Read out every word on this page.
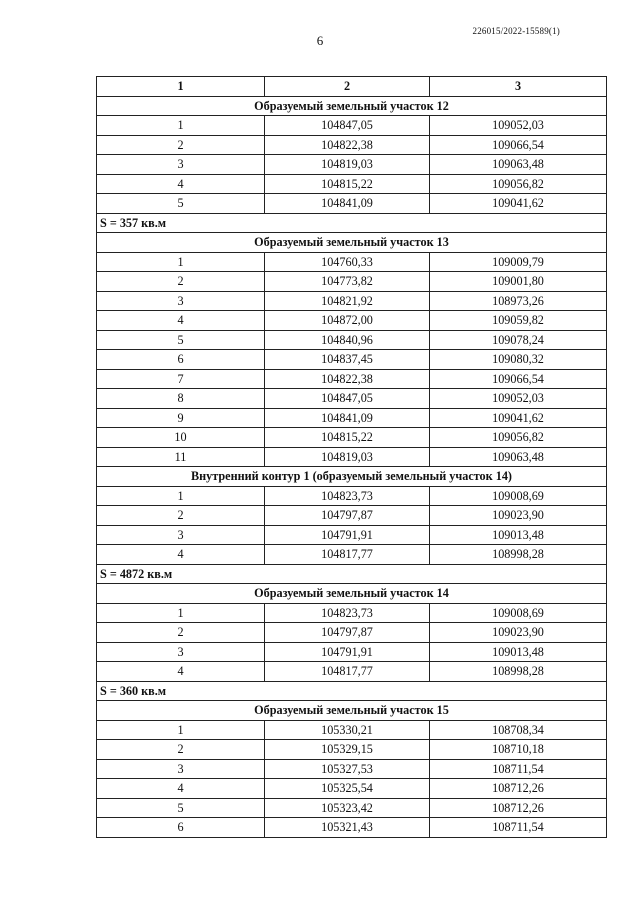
226015/2022-15589(1)
6
1	2	3
Образуемый земельный участок 12		
1	104847,05	109052,03
2	104822,38	109066,54
3	104819,03	109063,48
4	104815,22	109056,82
5	104841,09	109041,62
S = 357 кв.м		
Образуемый земельный участок 13		
1	104760,33	109009,79
2	104773,82	109001,80
3	104821,92	108973,26
4	104872,00	109059,82
5	104840,96	109078,24
6	104837,45	109080,32
7	104822,38	109066,54
8	104847,05	109052,03
9	104841,09	109041,62
10	104815,22	109056,82
11	104819,03	109063,48
Внутренний контур 1 (образуемый земельный участок 14)		
1	104823,73	109008,69
2	104797,87	109023,90
3	104791,91	109013,48
4	104817,77	108998,28
S = 4872 кв.м		
Образуемый земельный участок 14		
1	104823,73	109008,69
2	104797,87	109023,90
3	104791,91	109013,48
4	104817,77	108998,28
S = 360 кв.м		
Образуемый земельный участок 15		
1	105330,21	108708,34
2	105329,15	108710,18
3	105327,53	108711,54
4	105325,54	108712,26
5	105323,42	108712,26
6	105321,43	108711,54
